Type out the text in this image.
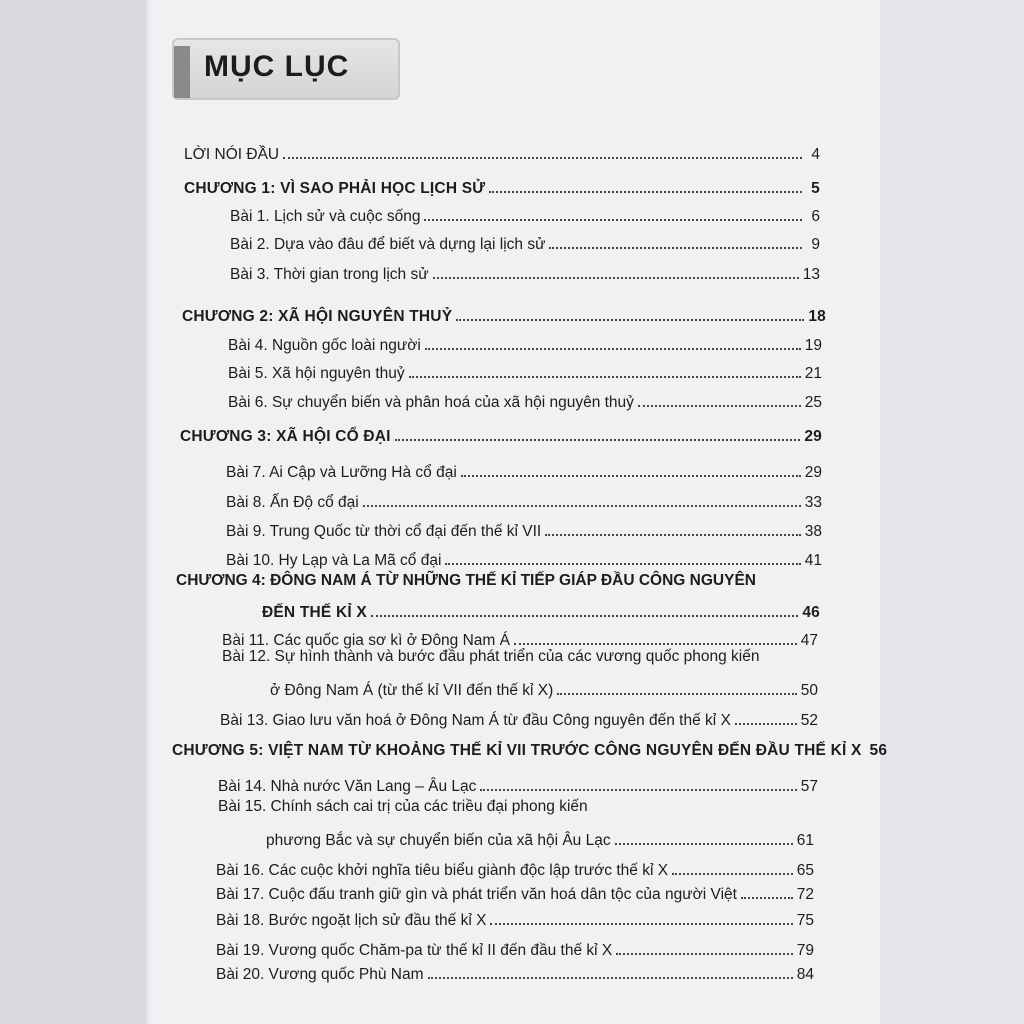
MỤC LỤC
LỜI NÓI ĐẦU	4
CHƯƠNG 1: VÌ SAO PHẢI HỌC LỊCH SỬ	5
Bài 1. Lịch sử và cuộc sống	6
Bài 2. Dựa vào đâu để biết và dựng lại lịch sử	9
Bài 3. Thời gian trong lịch sử	13
CHƯƠNG 2: XÃ HỘI NGUYÊN THUỶ	18
Bài 4. Nguồn gốc loài người	19
Bài 5. Xã hội nguyên thuỷ	21
Bài 6. Sự chuyển biến và phân hoá của xã hội nguyên thuỷ	25
CHƯƠNG 3: XÃ HỘI CỔ ĐẠI	29
Bài 7. Ai Cập và Lưỡng Hà cổ đại	29
Bài 8. Ấn Độ cổ đại	33
Bài 9. Trung Quốc từ thời cổ đại đến thế kỉ VII	38
Bài 10. Hy Lạp và La Mã cổ đại	41
CHƯƠNG 4: ĐÔNG NAM Á TỪ NHỮNG THẾ KỈ TIẾP GIÁP ĐẦU CÔNG NGUYÊN
ĐẾN THẾ KỈ X	46
Bài 11. Các quốc gia sơ kì ở Đông Nam Á	47
Bài 12. Sự hình thành và bước đầu phát triển của các vương quốc phong kiến
ở Đông Nam Á (từ thế kỉ VII đến thế kỉ X)	50
Bài 13. Giao lưu văn hoá ở Đông Nam Á từ đầu Công nguyên đến thế kỉ X	52
CHƯƠNG 5: VIỆT NAM TỪ KHOẢNG THẾ KỈ VII TRƯỚC CÔNG NGUYÊN ĐẾN ĐẦU THẾ KỈ X 56
Bài 14. Nhà nước Văn Lang – Âu Lạc	57
Bài 15. Chính sách cai trị của các triều đại phong kiến
phương Bắc và sự chuyển biến của xã hội Âu Lạc	61
Bài 16. Các cuộc khởi nghĩa tiêu biểu giành độc lập trước thế kỉ X	65
Bài 17. Cuộc đấu tranh giữ gìn và phát triển văn hoá dân tộc của người Việt	72
Bài 18. Bước ngoặt lịch sử đầu thế kỉ X	75
Bài 19. Vương quốc Chăm-pa từ thế kỉ II đến đầu thế kỉ X	79
Bài 20. Vương quốc Phù Nam	84
